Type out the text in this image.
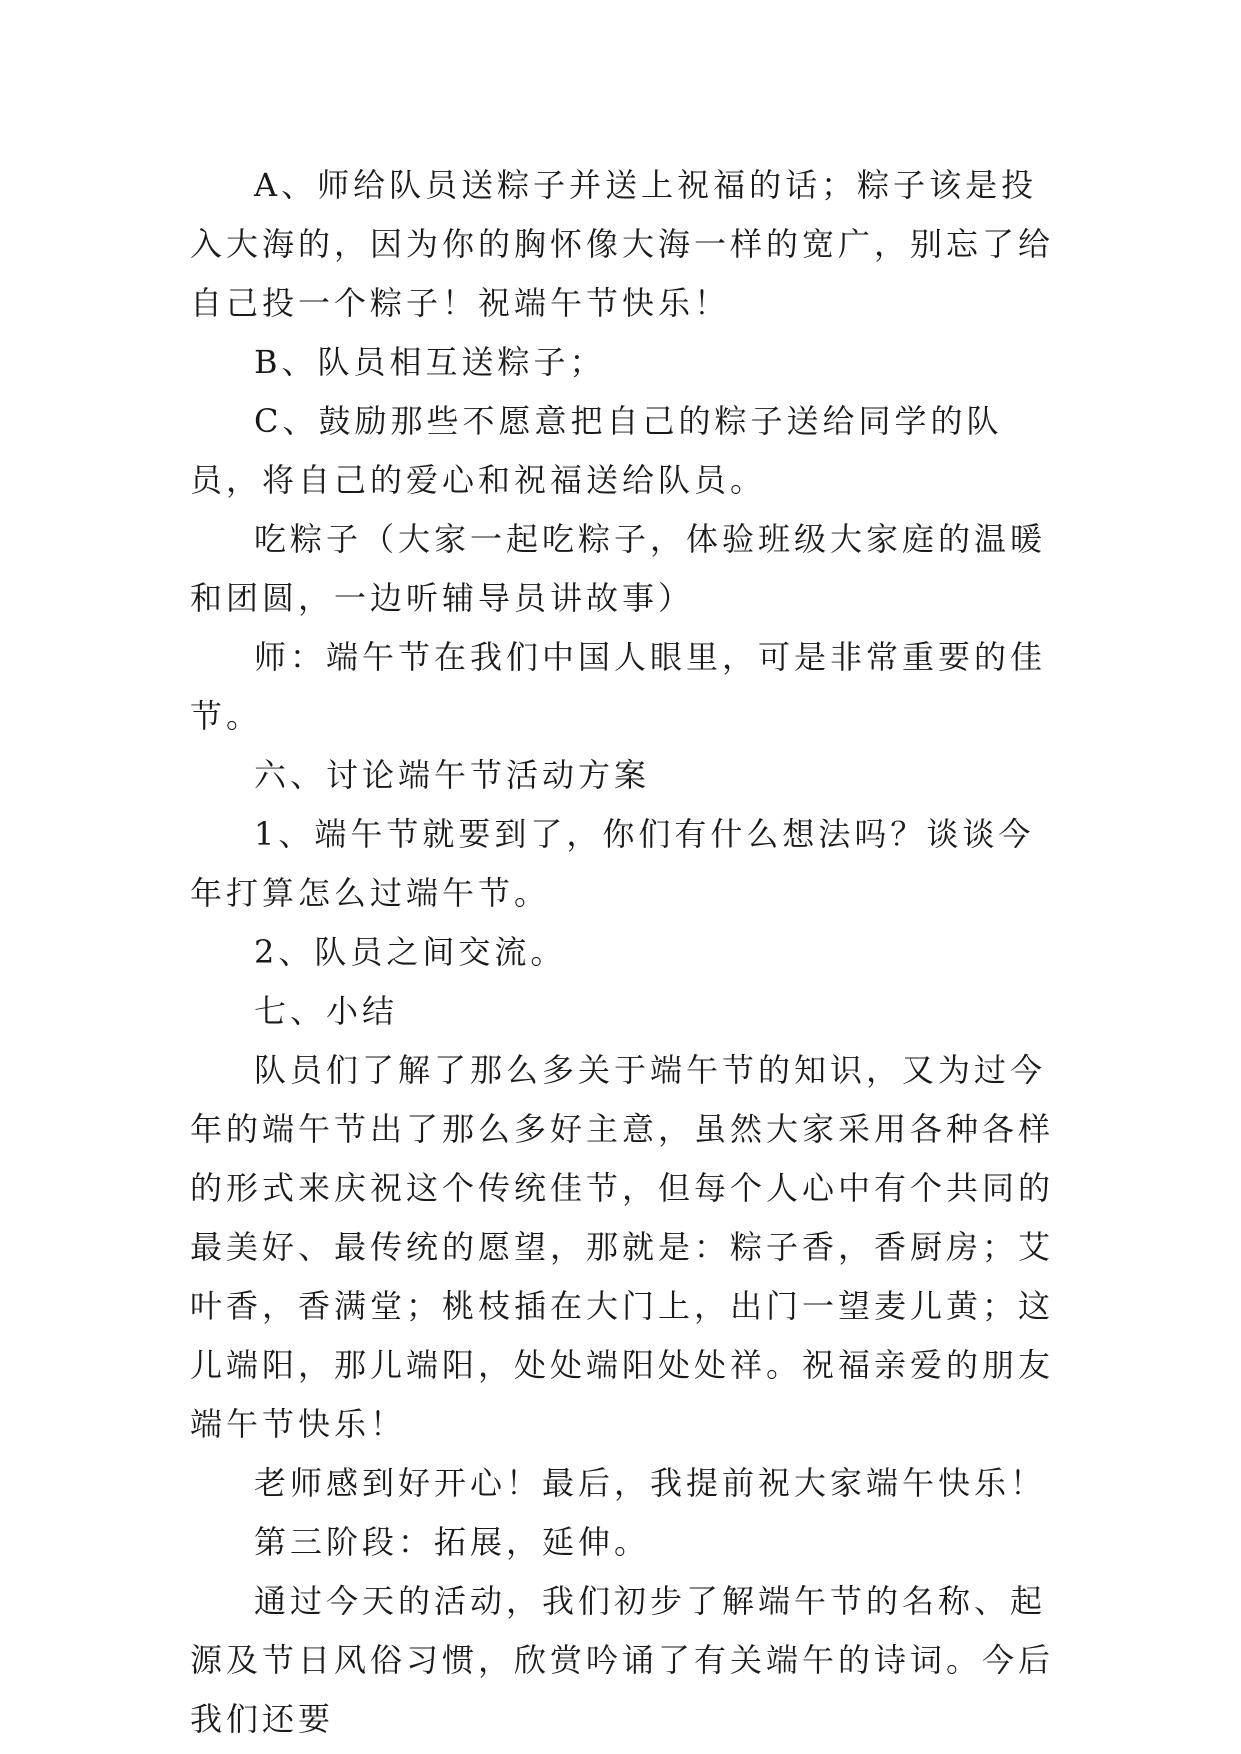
A、师给队员送粽子并送上祝福的话；粽子该是投入大海的，因为你的胸怀像大海一样的宽广，别忘了给自己投一个粽子！祝端午节快乐！

B、队员相互送粽子；

C、鼓励那些不愿意把自己的粽子送给同学的队员，将自己的爱心和祝福送给队员。

吃粽子（大家一起吃粽子，体验班级大家庭的温暖和团圆，一边听辅导员讲故事）

师：端午节在我们中国人眼里，可是非常重要的佳节。

六、讨论端午节活动方案

1、端午节就要到了，你们有什么想法吗？谈谈今年打算怎么过端午节。

2、队员之间交流。

七、小结

队员们了解了那么多关于端午节的知识，又为过今年的端午节出了那么多好主意，虽然大家采用各种各样的形式来庆祝这个传统佳节，但每个人心中有个共同的最美好、最传统的愿望，那就是：粽子香，香厨房；艾叶香，香满堂；桃枝插在大门上，出门一望麦儿黄；这儿端阳，那儿端阳，处处端阳处处祥。祝福亲爱的朋友端午节快乐！

老师感到好开心！最后，我提前祝大家端午快乐！

第三阶段：拓展，延伸。

通过今天的活动，我们初步了解端午节的名称、起源及节日风俗习惯，欣赏吟诵了有关端午的诗词。今后我们还要
